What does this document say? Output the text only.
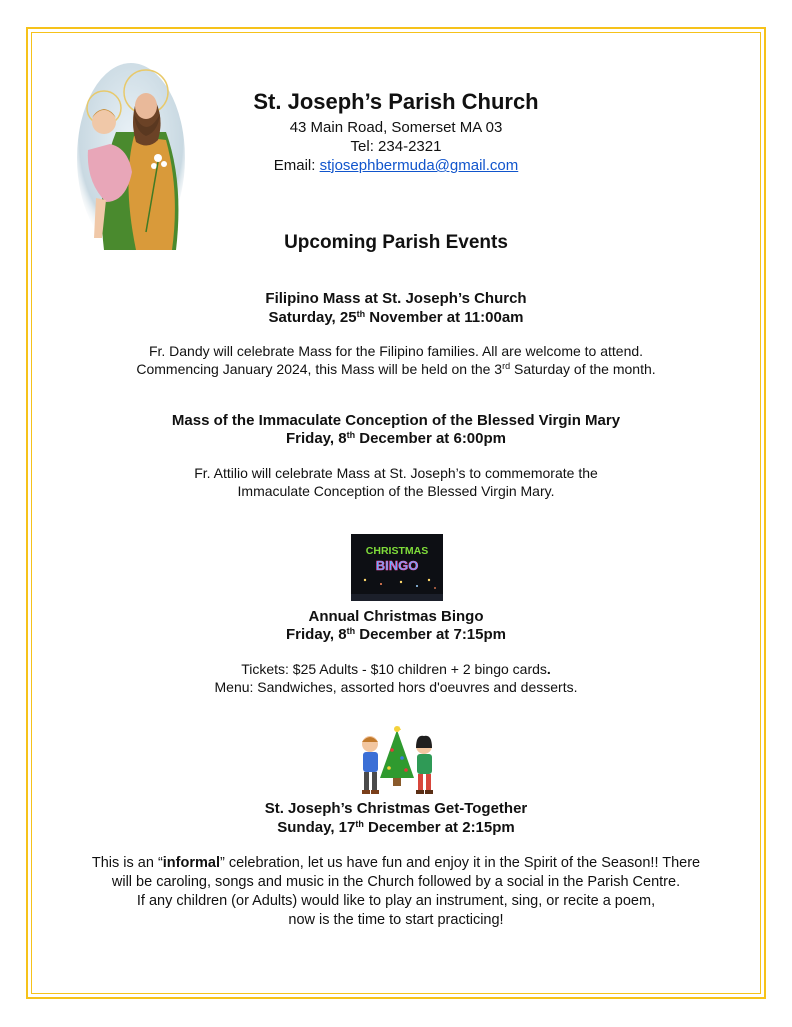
St. Joseph’s Parish Church
43 Main Road, Somerset MA 03
Tel: 234-2321
Email: stjosephbermuda@gmail.com
Upcoming Parish Events
Filipino Mass at St. Joseph’s Church
Saturday, 25th November at 11:00am
Fr. Dandy will celebrate Mass for the Filipino families. All are welcome to attend.
Commencing January 2024, this Mass will be held on the 3rd Saturday of the month.
Mass of the Immaculate Conception of the Blessed Virgin Mary
Friday, 8th December at 6:00pm
Fr. Attilio will celebrate Mass at St. Joseph’s to commemorate the
Immaculate Conception of the Blessed Virgin Mary.
CHRISTMAS
BINGO
Annual Christmas Bingo
Friday, 8th December at 7:15pm
Tickets: $25 Adults - $10 children + 2 bingo cards.
Menu: Sandwiches, assorted hors d'oeuvres and desserts.
St. Joseph’s Christmas Get-Together
Sunday, 17th December at 2:15pm
This is an “informal” celebration, let us have fun and enjoy it in the Spirit of the Season!! There
will be caroling, songs and music in the Church followed by a social in the Parish Centre.
If any children (or Adults) would like to play an instrument, sing, or recite a poem,
now is the time to start practicing!
